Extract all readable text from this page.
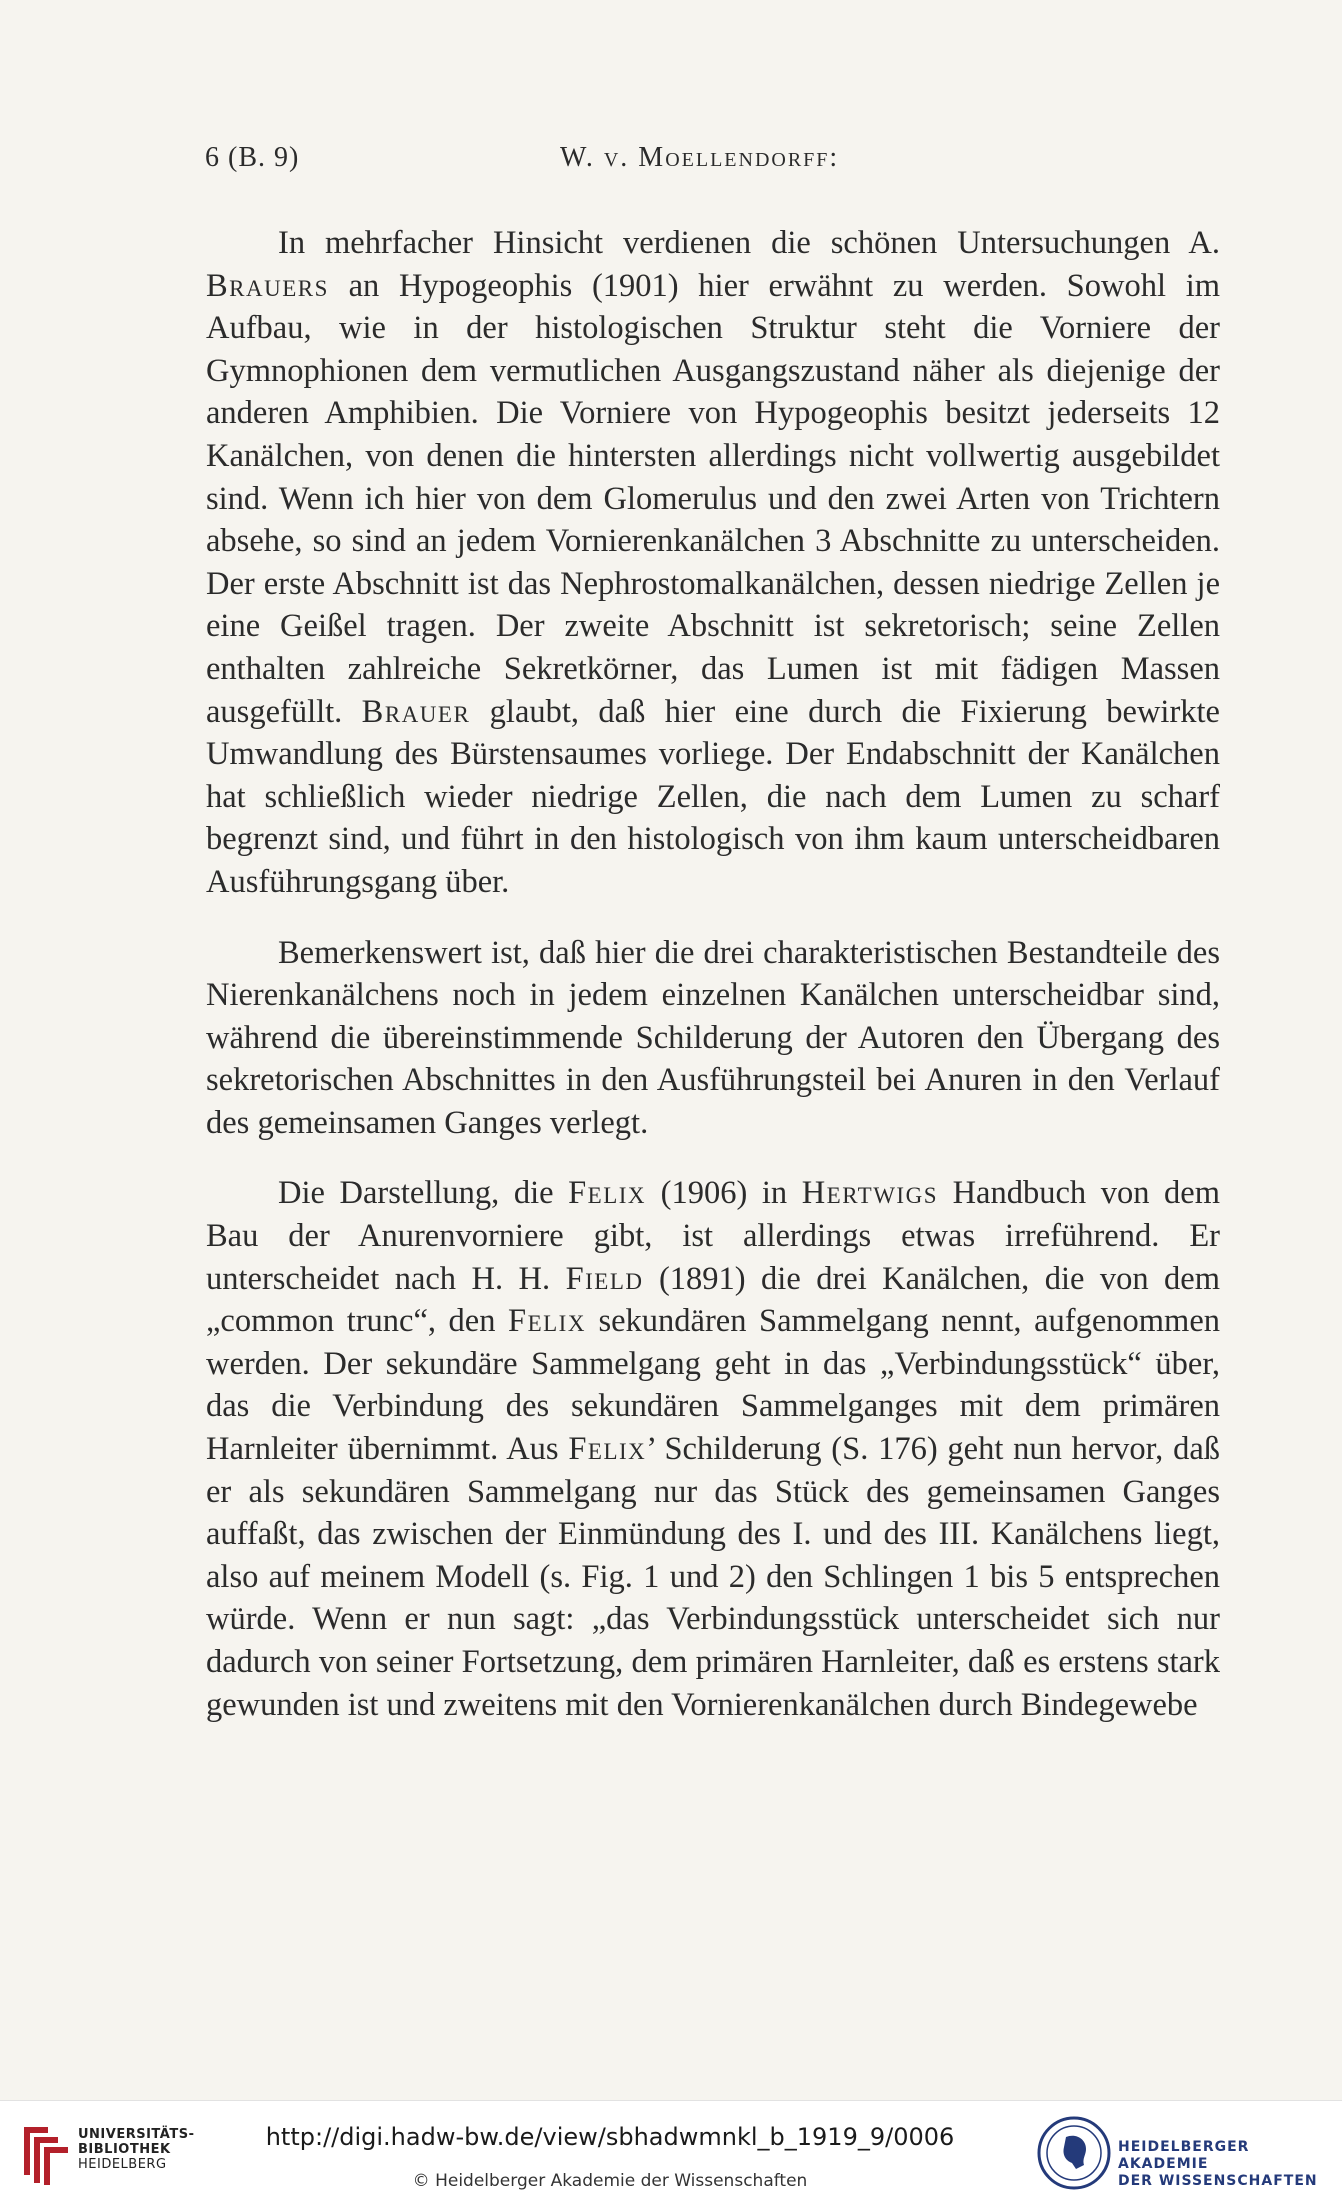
6 (B. 9)	W. v. Moellendorff:

In mehrfacher Hinsicht verdienen die schönen Untersuchungen A. Brauers an Hypogeophis (1901) hier erwähnt zu werden. Sowohl im Aufbau, wie in der histologischen Struktur steht die Vorniere der Gymnophionen dem vermutlichen Ausgangszustand näher als diejenige der anderen Amphibien. Die Vorniere von Hypogeophis besitzt jederseits 12 Kanälchen, von denen die hintersten allerdings nicht vollwertig ausgebildet sind. Wenn ich hier von dem Glomerulus und den zwei Arten von Trichtern absehe, so sind an jedem Vornierenkanälchen 3 Abschnitte zu unterscheiden. Der erste Abschnitt ist das Nephrostomalkanälchen, dessen niedrige Zellen je eine Geißel tragen. Der zweite Abschnitt ist sekretorisch; seine Zellen enthalten zahlreiche Sekretkörner, das Lumen ist mit fädigen Massen ausgefüllt. Brauer glaubt, daß hier eine durch die Fixierung bewirkte Umwandlung des Bürstensaumes vorliege. Der Endabschnitt der Kanälchen hat schließlich wieder niedrige Zellen, die nach dem Lumen zu scharf begrenzt sind, und führt in den histologisch von ihm kaum unterscheidbaren Ausführungsgang über.

Bemerkenswert ist, daß hier die drei charakteristischen Bestandteile des Nierenkanälchens noch in jedem einzelnen Kanälchen unterscheidbar sind, während die übereinstimmende Schilderung der Autoren den Übergang des sekretorischen Abschnittes in den Ausführungsteil bei Anuren in den Verlauf des gemeinsamen Ganges verlegt.

Die Darstellung, die Felix (1906) in Hertwigs Handbuch von dem Bau der Anurenvorniere gibt, ist allerdings etwas irreführend. Er unterscheidet nach H. H. Field (1891) die drei Kanälchen, die von dem „common trunc“, den Felix sekundären Sammelgang nennt, aufgenommen werden. Der sekundäre Sammelgang geht in das „Verbindungsstück“ über, das die Verbindung des sekundären Sammelganges mit dem primären Harnleiter übernimmt. Aus Felix’ Schilderung (S. 176) geht nun hervor, daß er als sekundären Sammelgang nur das Stück des gemeinsamen Ganges auffaßt, das zwischen der Einmündung des I. und des III. Kanälchens liegt, also auf meinem Modell (s. Fig. 1 und 2) den Schlingen 1 bis 5 entsprechen würde. Wenn er nun sagt: „das Verbindungsstück unterscheidet sich nur dadurch von seiner Fortsetzung, dem primären Harnleiter, daß es erstens stark gewunden ist und zweitens mit den Vornierenkanälchen durch Bindegewebe

UNIVERSITÄTS-
BIBLIOTHEK
HEIDELBERG
http://digi.hadw-bw.de/view/sbhadwmnkl_b_1919_9/0006
© Heidelberger Akademie der Wissenschaften
HEIDELBERGER AKADEMIE
DER WISSENSCHAFTEN
